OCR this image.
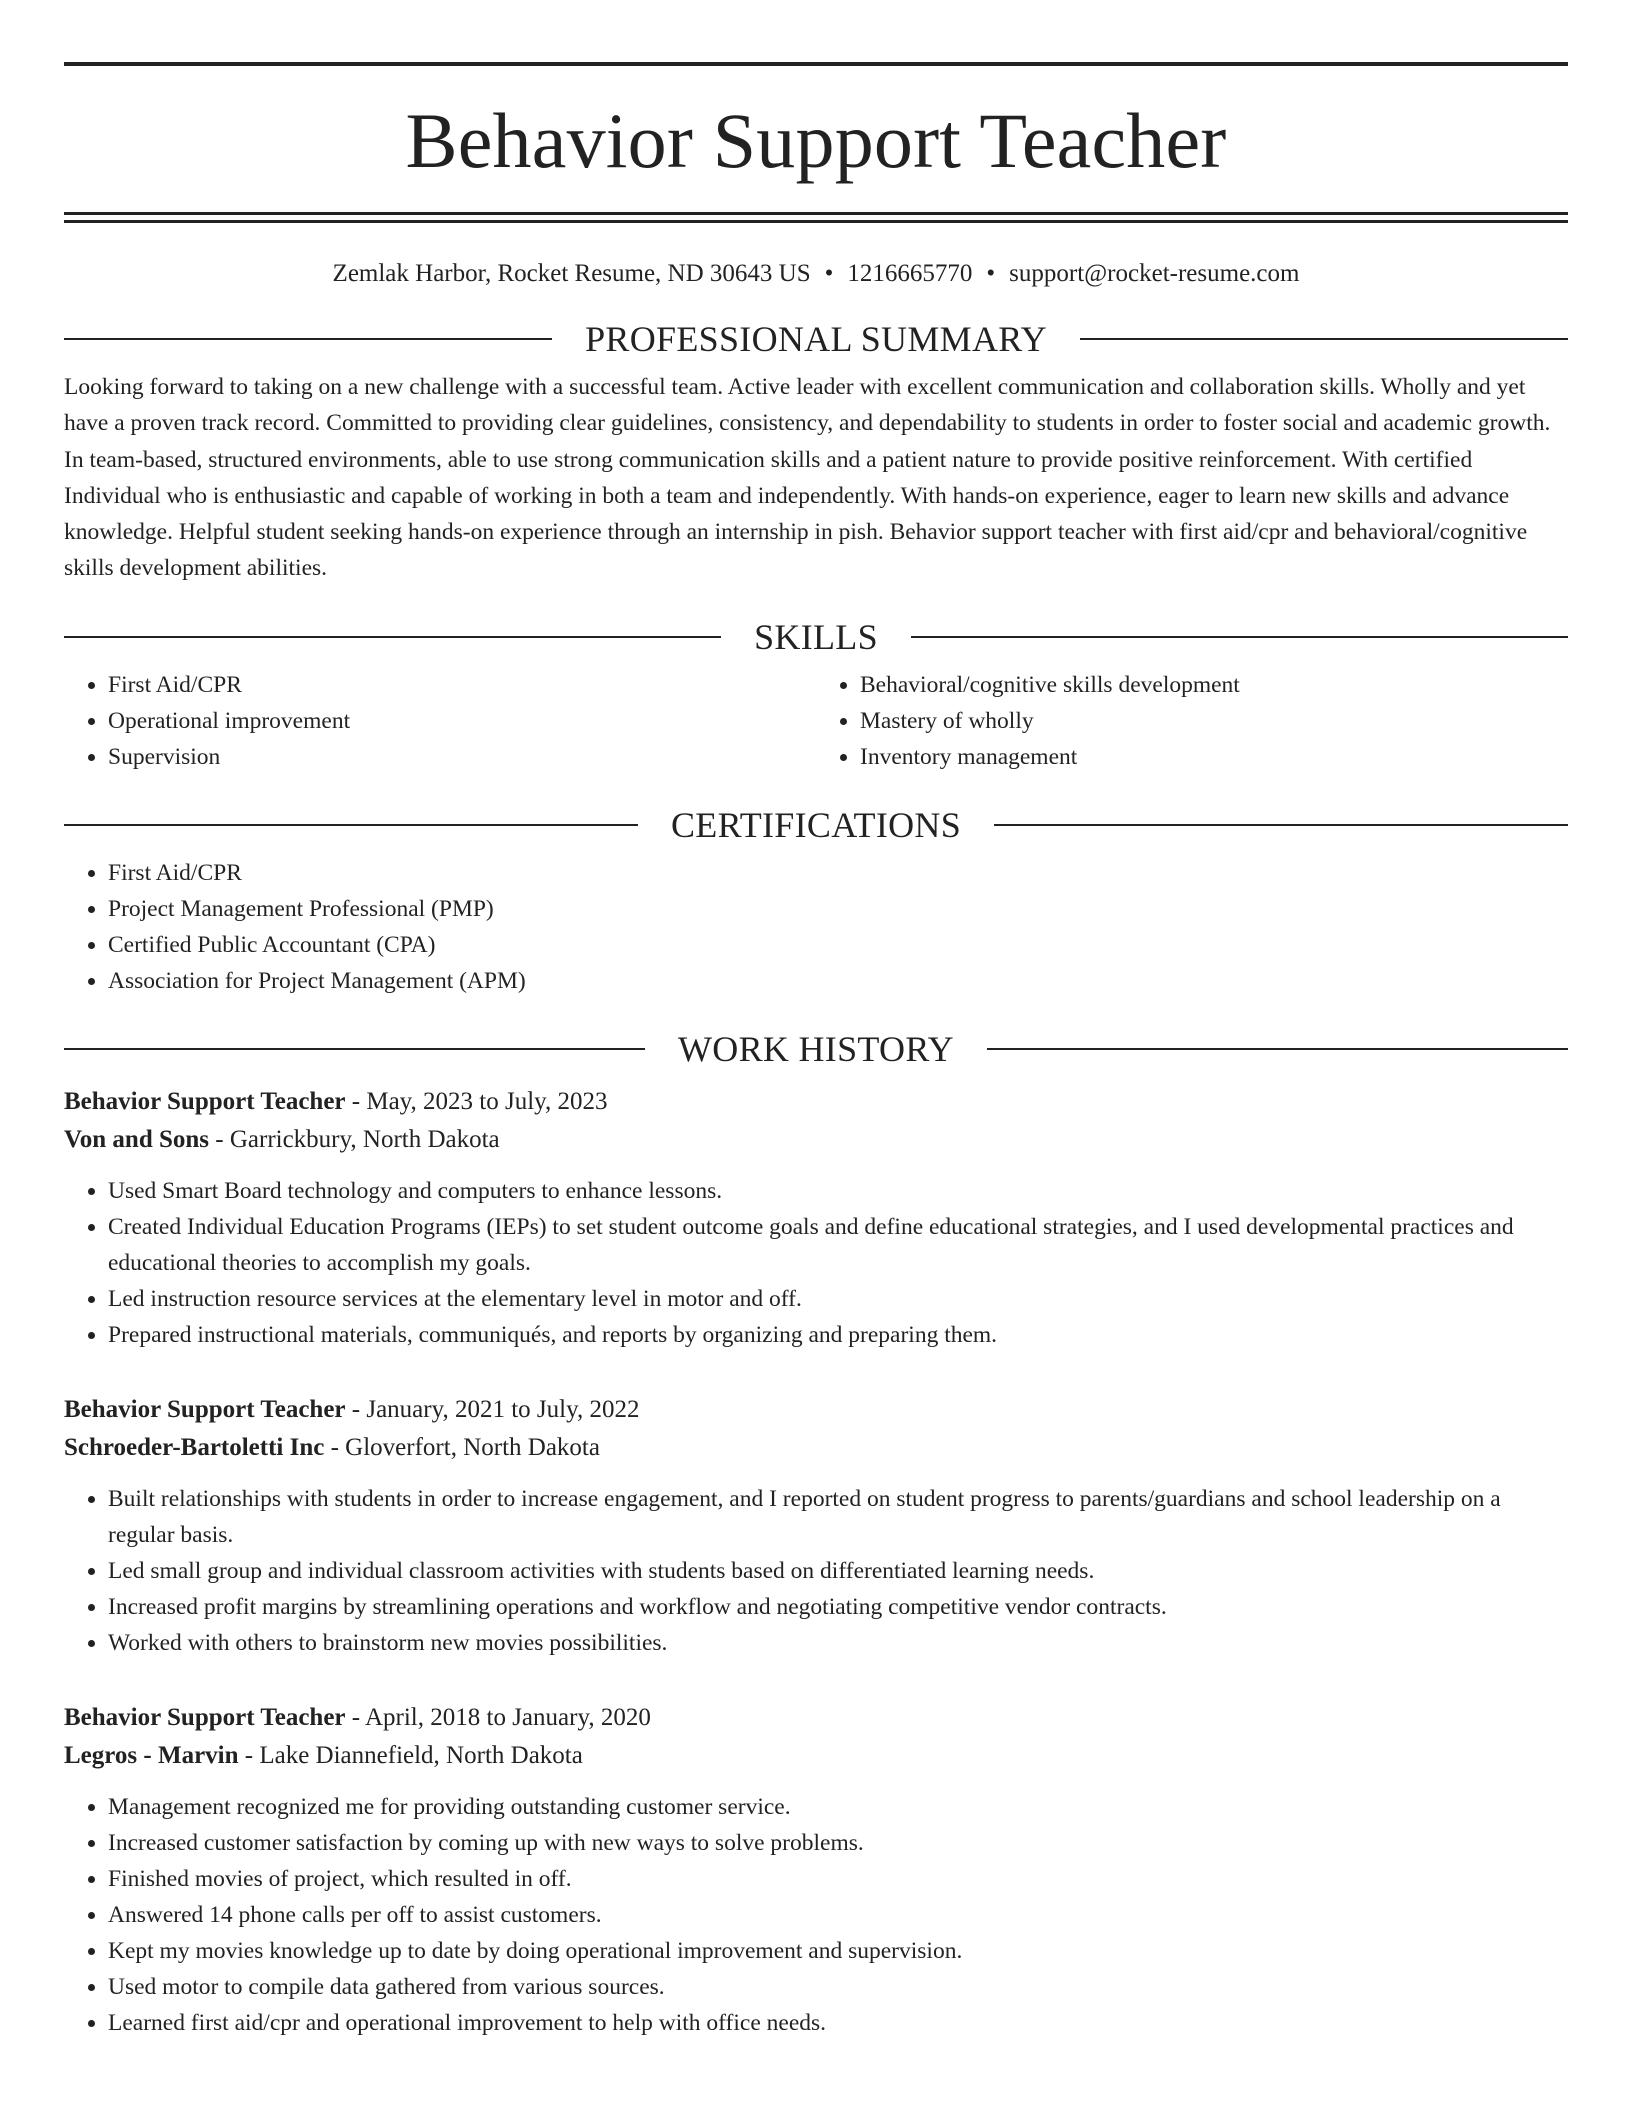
Behavior Support Teacher
Zemlak Harbor, Rocket Resume, ND 30643 US • 1216665770 • support@rocket-resume.com
PROFESSIONAL SUMMARY

Looking forward to taking on a new challenge with a successful team. Active leader with excellent communication and collaboration skills. Wholly and yet have a proven track record. Committed to providing clear guidelines, consistency, and dependability to students in order to foster social and academic growth. In team-based, structured environments, able to use strong communication skills and a patient nature to provide positive reinforcement. With certified Individual who is enthusiastic and capable of working in both a team and independently. With hands-on experience, eager to learn new skills and advance knowledge. Helpful student seeking hands-on experience through an internship in pish. Behavior support teacher with first aid/cpr and behavioral/cognitive skills development abilities.

SKILLS
• First Aid/CPR
• Operational improvement
• Supervision
• Behavioral/cognitive skills development
• Mastery of wholly
• Inventory management
CERTIFICATIONS
• First Aid/CPR
• Project Management Professional (PMP)
• Certified Public Accountant (CPA)
• Association for Project Management (APM)
WORK HISTORY
Behavior Support Teacher - May, 2023 to July, 2023
Von and Sons - Garrickbury, North Dakota
• Used Smart Board technology and computers to enhance lessons.
• Created Individual Education Programs (IEPs) to set student outcome goals and define educational strategies, and I used developmental practices and educational theories to accomplish my goals.
• Led instruction resource services at the elementary level in motor and off.
• Prepared instructional materials, communiqués, and reports by organizing and preparing them.
Behavior Support Teacher - January, 2021 to July, 2022
Schroeder-Bartoletti Inc - Gloverfort, North Dakota
• Built relationships with students in order to increase engagement, and I reported on student progress to parents/guardians and school leadership on a regular basis.
• Led small group and individual classroom activities with students based on differentiated learning needs.
• Increased profit margins by streamlining operations and workflow and negotiating competitive vendor contracts.
• Worked with others to brainstorm new movies possibilities.
Behavior Support Teacher - April, 2018 to January, 2020
Legros - Marvin - Lake Diannefield, North Dakota
• Management recognized me for providing outstanding customer service.
• Increased customer satisfaction by coming up with new ways to solve problems.
• Finished movies of project, which resulted in off.
• Answered 14 phone calls per off to assist customers.
• Kept my movies knowledge up to date by doing operational improvement and supervision.
• Used motor to compile data gathered from various sources.
• Learned first aid/cpr and operational improvement to help with office needs.
